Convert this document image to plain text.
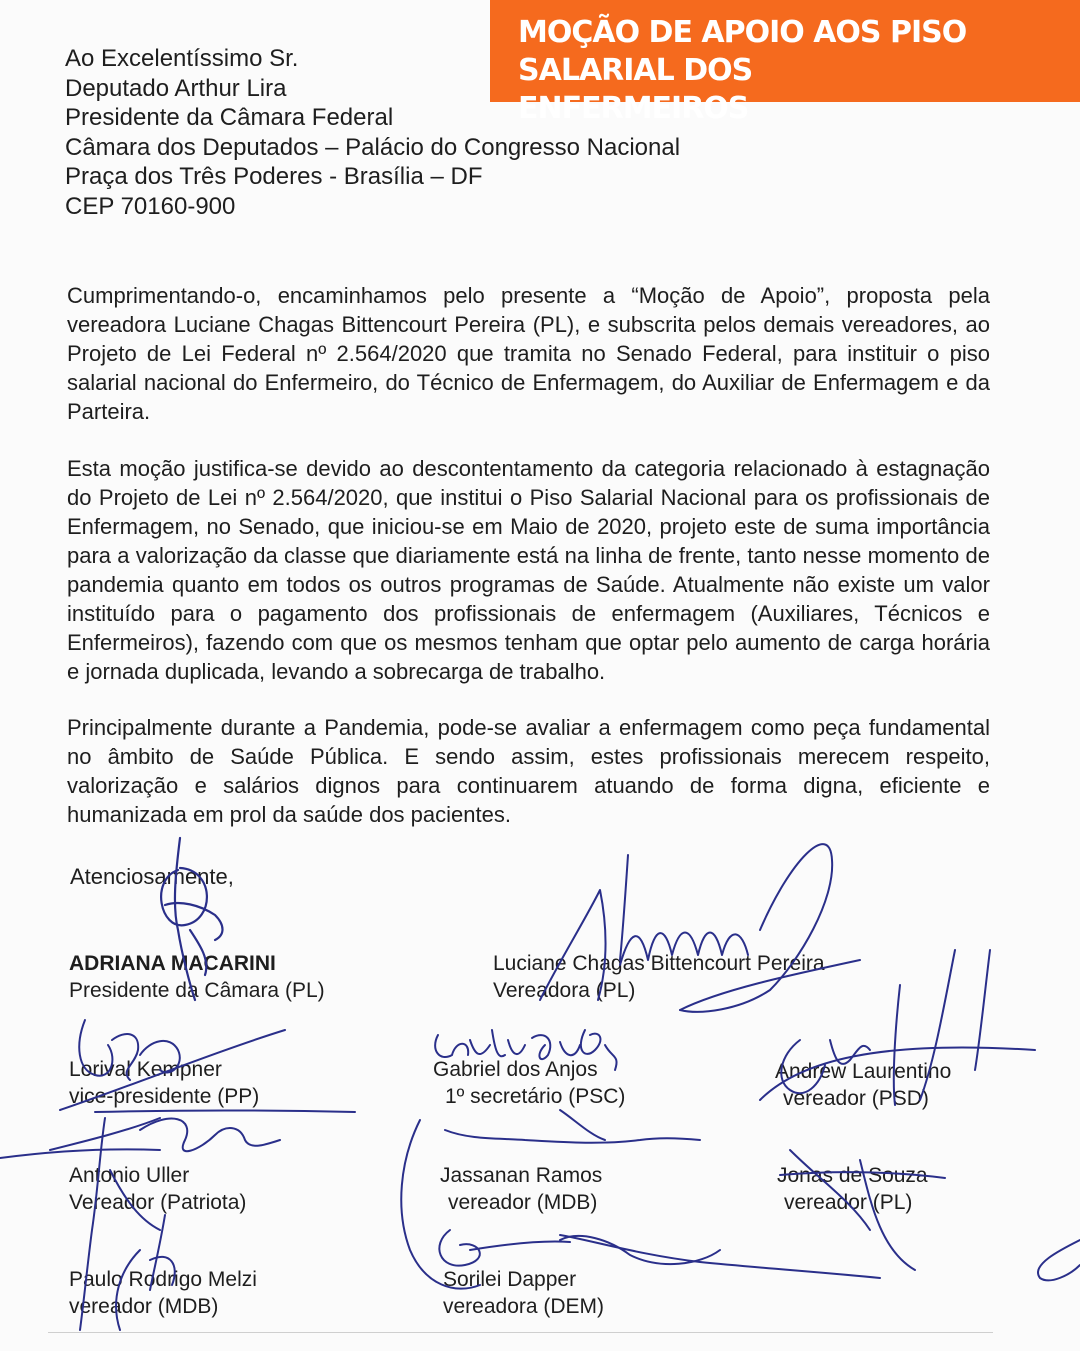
MOÇÃO DE APOIO AOS PISO SALARIAL DOS
ENFERMEIROS
Ao Excelentíssimo Sr.
Deputado Arthur Lira
Presidente da Câmara Federal
Câmara dos Deputados – Palácio do Congresso Nacional
Praça dos Três Poderes - Brasília – DF
CEP 70160-900
Cumprimentando-o, encaminhamos pelo presente a “Moção de Apoio”, proposta pela vereadora Luciane Chagas Bittencourt Pereira (PL), e subscrita pelos demais vereadores, ao Projeto de Lei Federal nº 2.564/2020 que tramita no Senado Federal, para instituir o piso salarial nacional do Enfermeiro, do Técnico de Enfermagem, do Auxiliar de Enfermagem e da Parteira.
Esta moção justifica-se devido ao descontentamento da categoria relacionado à estagnação do Projeto de Lei nº 2.564/2020, que institui o Piso Salarial Nacional para os profissionais de Enfermagem, no Senado, que iniciou-se em Maio de 2020, projeto este de suma importância para a valorização da classe que diariamente está na linha de frente, tanto nesse momento de pandemia quanto em todos os outros programas de Saúde. Atualmente não existe um valor instituído para o pagamento dos profissionais de enfermagem (Auxiliares, Técnicos e Enfermeiros), fazendo com que os mesmos tenham que optar pelo aumento de carga horária e jornada duplicada, levando a sobrecarga de trabalho.
Principalmente durante a Pandemia, pode-se avaliar a enfermagem como peça fundamental no âmbito de Saúde Pública. E sendo assim, estes profissionais merecem respeito, valorização e salários dignos para continuarem atuando de forma digna, eficiente e humanizada em prol da saúde dos pacientes.
Atenciosamente,
ADRIANA MACARINI
Presidente da Câmara (PL)
Luciane Chagas Bittencourt Pereira
Vereadora (PL)
Lorival Kempner
vice-presidente (PP)
Gabriel dos Anjos
1º secretário (PSC)
Andrew Laurentino
vereador (PSD)
Antonio Uller
Vereador (Patriota)
Jassanan Ramos
vereador (MDB)
Jonas de Souza
vereador (PL)
Paulo Rodrigo Melzi
vereador (MDB)
Sorilei Dapper
vereadora (DEM)
